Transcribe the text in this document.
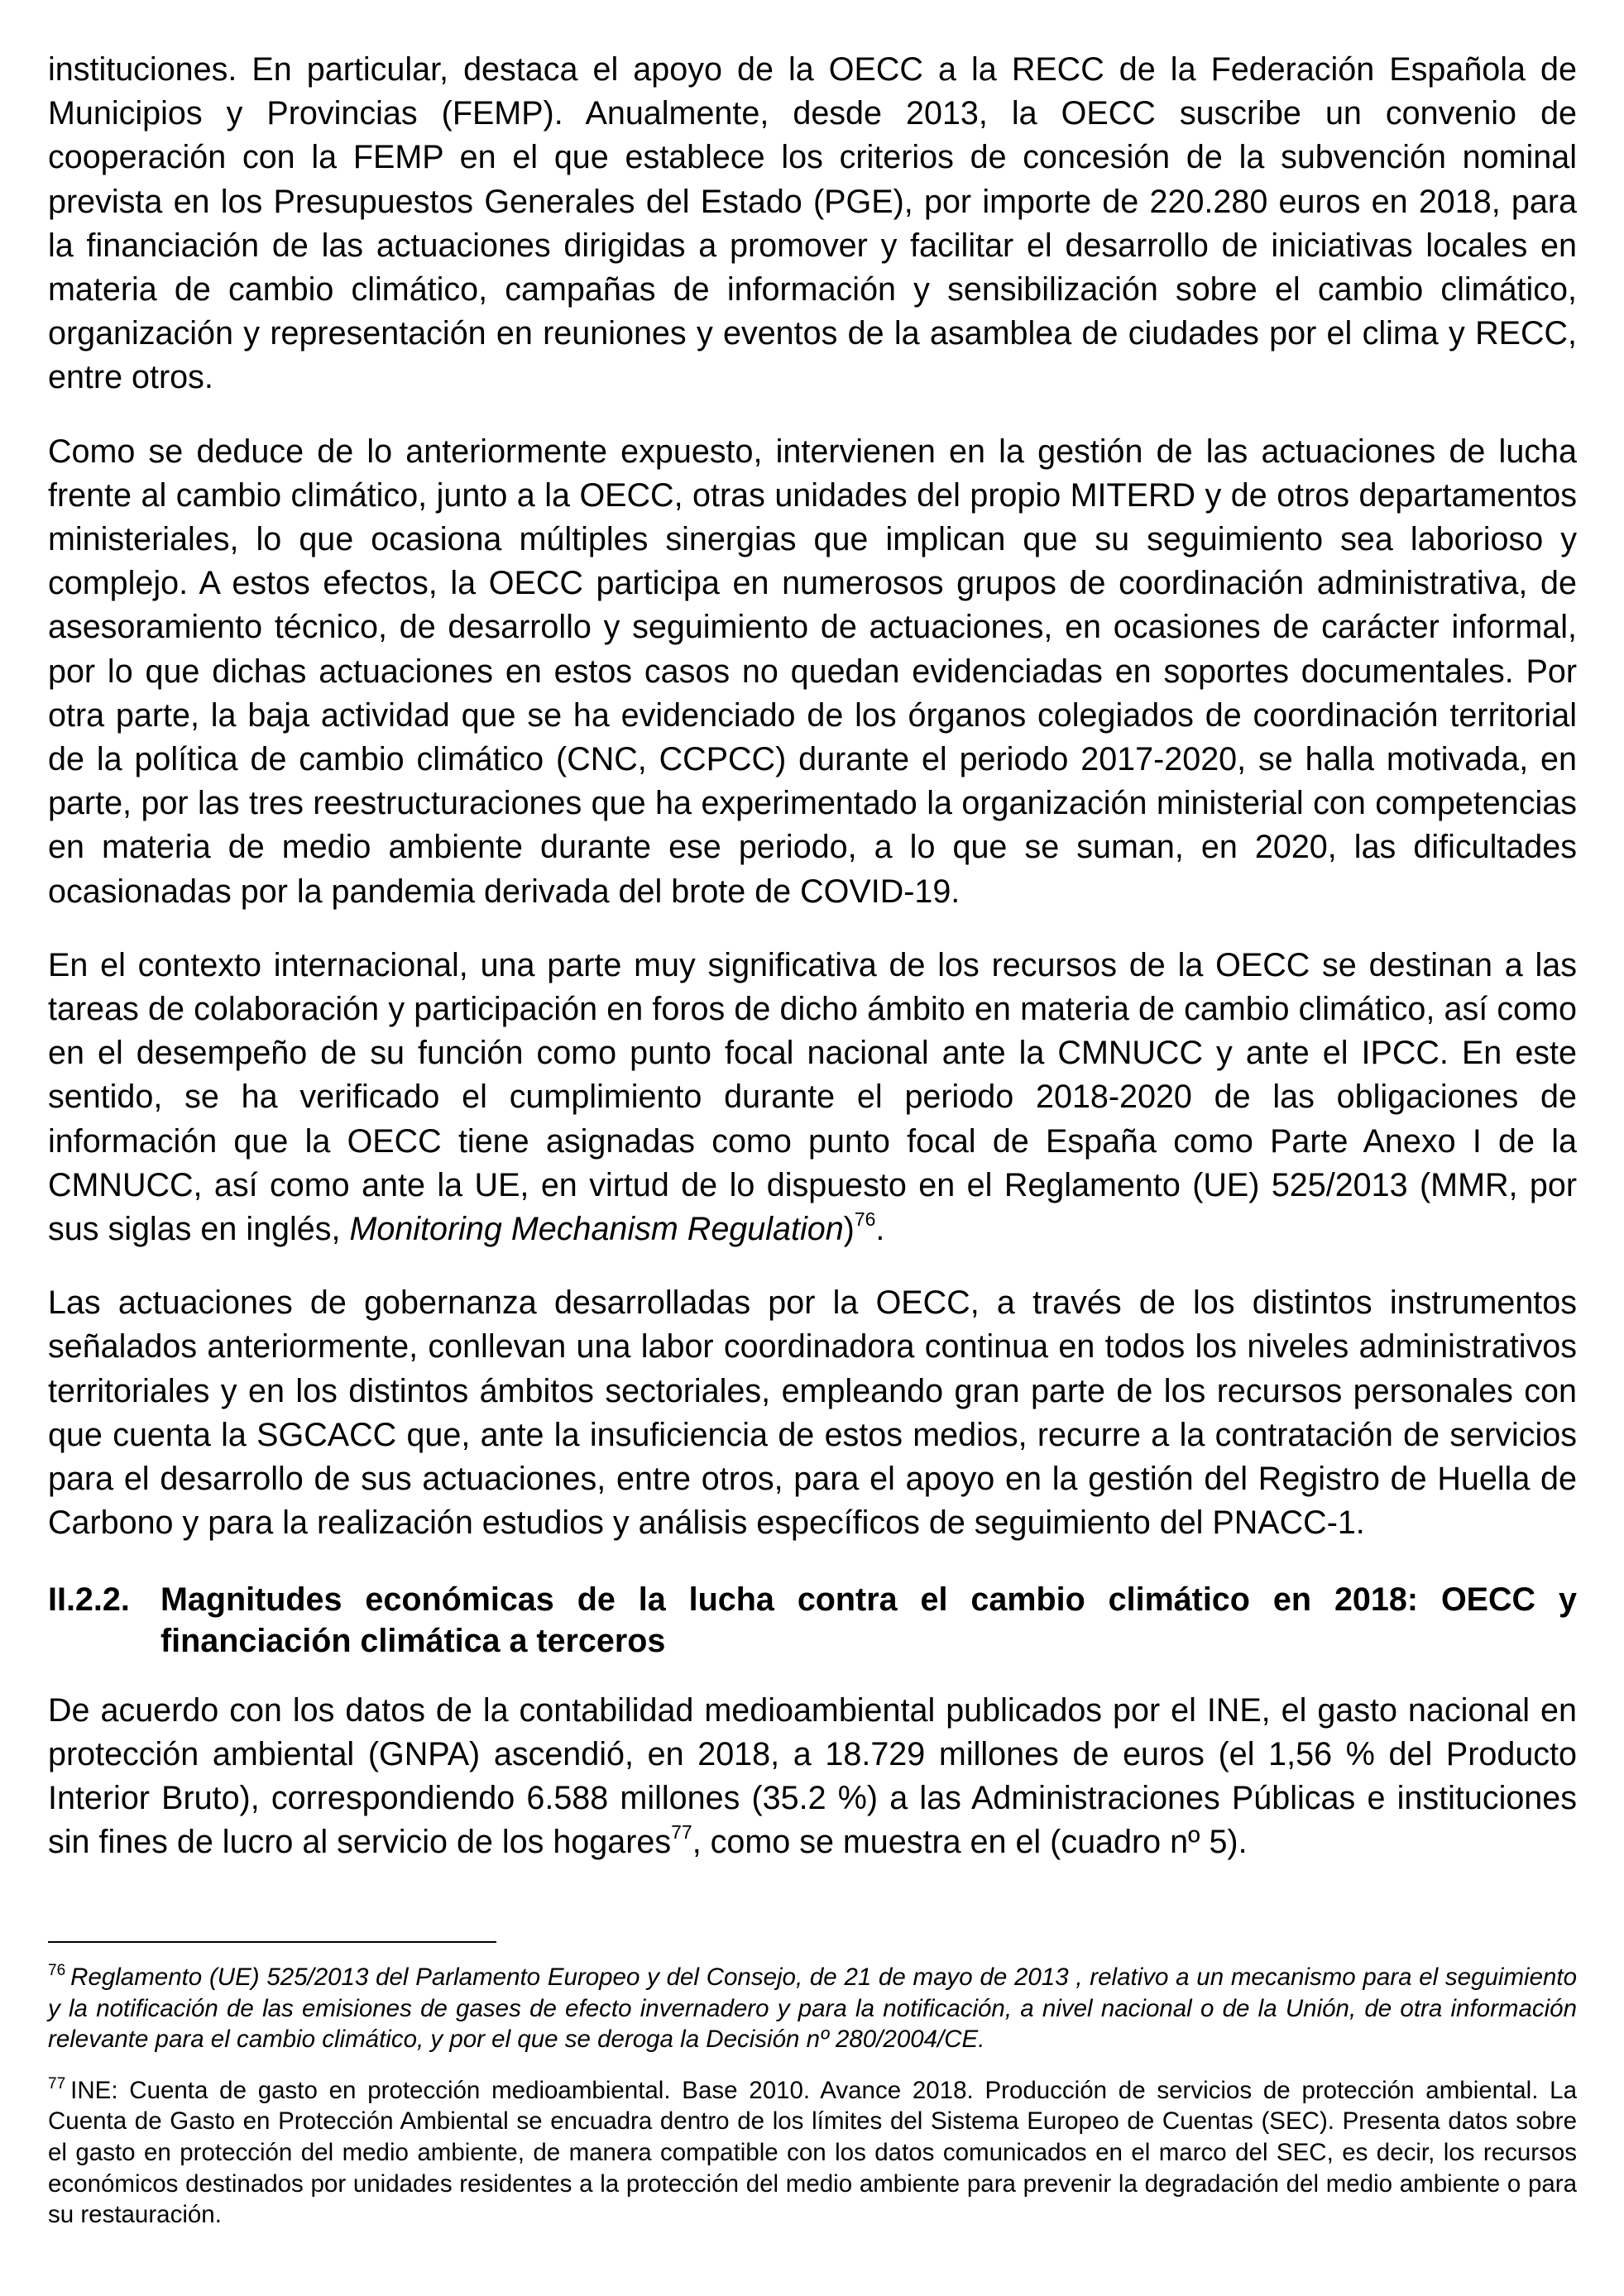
instituciones. En particular, destaca el apoyo de la OECC a la RECC de la Federación Española de Municipios y Provincias (FEMP). Anualmente, desde 2013, la OECC suscribe un convenio de cooperación con la FEMP en el que establece los criterios de concesión de la subvención nominal prevista en los Presupuestos Generales del Estado (PGE), por importe de 220.280 euros en 2018, para la financiación de las actuaciones dirigidas a promover y facilitar el desarrollo de iniciativas locales en materia de cambio climático, campañas de información y sensibilización sobre el cambio climático, organización y representación en reuniones y eventos de la asamblea de ciudades por el clima y RECC, entre otros.

Como se deduce de lo anteriormente expuesto, intervienen en la gestión de las actuaciones de lucha frente al cambio climático, junto a la OECC, otras unidades del propio MITERD y de otros departamentos ministeriales, lo que ocasiona múltiples sinergias que implican que su seguimiento sea laborioso y complejo. A estos efectos, la OECC participa en numerosos grupos de coordinación administrativa, de asesoramiento técnico, de desarrollo y seguimiento de actuaciones, en ocasiones de carácter informal, por lo que dichas actuaciones en estos casos no quedan evidenciadas en soportes documentales. Por otra parte, la baja actividad que se ha evidenciado de los órganos colegiados de coordinación territorial de la política de cambio climático (CNC, CCPCC) durante el periodo 2017-2020, se halla motivada, en parte, por las tres reestructuraciones que ha experimentado la organización ministerial con competencias en materia de medio ambiente durante ese periodo, a lo que se suman, en 2020, las dificultades ocasionadas por la pandemia derivada del brote de COVID-19.

En el contexto internacional, una parte muy significativa de los recursos de la OECC se destinan a las tareas de colaboración y participación en foros de dicho ámbito en materia de cambio climático, así como en el desempeño de su función como punto focal nacional ante la CMNUCC y ante el IPCC. En este sentido, se ha verificado el cumplimiento durante el periodo 2018-2020 de las obligaciones de información que la OECC tiene asignadas como punto focal de España como Parte Anexo I de la CMNUCC, así como ante la UE, en virtud de lo dispuesto en el Reglamento (UE) 525/2013 (MMR, por sus siglas en inglés, Monitoring Mechanism Regulation)$^{76}$.

Las actuaciones de gobernanza desarrolladas por la OECC, a través de los distintos instrumentos señalados anteriormente, conllevan una labor coordinadora continua en todos los niveles administrativos territoriales y en los distintos ámbitos sectoriales, empleando gran parte de los recursos personales con que cuenta la SGCACC que, ante la insuficiencia de estos medios, recurre a la contratación de servicios para el desarrollo de sus actuaciones, entre otros, para el apoyo en la gestión del Registro de Huella de Carbono y para la realización estudios y análisis específicos de seguimiento del PNACC-1.

II.2.2. Magnitudes económicas de la lucha contra el cambio climático en 2018: OECC y financiación climática a terceros

De acuerdo con los datos de la contabilidad medioambiental publicados por el INE, el gasto nacional en protección ambiental (GNPA) ascendió, en 2018, a 18.729 millones de euros (el 1,56 % del Producto Interior Bruto), correspondiendo 6.588 millones (35.2 %) a las Administraciones Públicas e instituciones sin fines de lucro al servicio de los hogares$^{77}$, como se muestra en el (cuadro nº 5).

$^{76}$ Reglamento (UE) 525/2013 del Parlamento Europeo y del Consejo, de 21 de mayo de 2013 , relativo a un mecanismo para el seguimiento y la notificación de las emisiones de gases de efecto invernadero y para la notificación, a nivel nacional o de la Unión, de otra información relevante para el cambio climático, y por el que se deroga la Decisión nº 280/2004/CE.

$^{77}$ INE: Cuenta de gasto en protección medioambiental. Base 2010. Avance 2018. Producción de servicios de protección ambiental. La Cuenta de Gasto en Protección Ambiental se encuadra dentro de los límites del Sistema Europeo de Cuentas (SEC). Presenta datos sobre el gasto en protección del medio ambiente, de manera compatible con los datos comunicados en el marco del SEC, es decir, los recursos económicos destinados por unidades residentes a la protección del medio ambiente para prevenir la degradación del medio ambiente o para su restauración.
